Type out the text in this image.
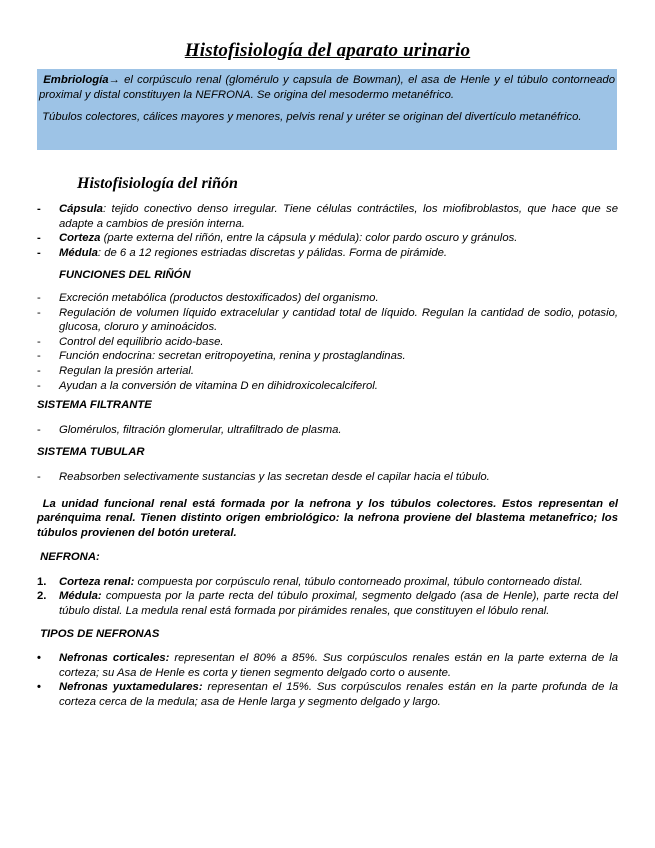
Histofisiología del aparato urinario

Embriología→ el corpúsculo renal (glomérulo y capsula de Bowman), el asa de Henle y el túbulo contorneado proximal y distal constituyen la NEFRONA. Se origina del mesodermo metanéfrico.

Túbulos colectores, cálices mayores y menores, pelvis renal y uréter se originan del divertículo metanéfrico.

Histofisiología del riñón
- Cápsula: tejido conectivo denso irregular. Tiene células contráctiles, los miofibroblastos, que hace que se adapte a cambios de presión interna.
- Corteza (parte externa del riñón, entre la cápsula y médula): color pardo oscuro y gránulos.
- Médula: de 6 a 12 regiones estriadas discretas y pálidas. Forma de pirámide.
FUNCIONES DEL RIÑÓN
- Excreción metabólica (productos destoxificados) del organismo.
- Regulación de volumen líquido extracelular y cantidad total de líquido. Regulan la cantidad de sodio, potasio, glucosa, cloruro y aminoácidos.
- Control del equilibrio acido-base.
- Función endocrina: secretan eritropoyetina, renina y prostaglandinas.
- Regulan la presión arterial.
- Ayudan a la conversión de vitamina D en dihidroxicolecalciferol.
SISTEMA FILTRANTE
- Glomérulos, filtración glomerular, ultrafiltrado de plasma.
SISTEMA TUBULAR
- Reabsorben selectivamente sustancias y las secretan desde el capilar hacia el túbulo.
La unidad funcional renal está formada por la nefrona y los túbulos colectores. Estos representan el parénquima renal. Tienen distinto origen embriológico: la nefrona proviene del blastema metanefrico; los túbulos provienen del botón ureteral.
NEFRONA:
1. Corteza renal: compuesta por corpúsculo renal, túbulo contorneado proximal, túbulo contorneado distal.
2. Médula: compuesta por la parte recta del túbulo proximal, segmento delgado (asa de Henle), parte recta del túbulo distal. La medula renal está formada por pirámides renales, que constituyen el lóbulo renal.
TIPOS DE NEFRONAS
• Nefronas corticales: representan el 80% a 85%. Sus corpúsculos renales están en la parte externa de la corteza; su Asa de Henle es corta y tienen segmento delgado corto o ausente.
• Nefronas yuxtamedulares: representan el 15%. Sus corpúsculos renales están en la parte profunda de la corteza cerca de la medula; asa de Henle larga y segmento delgado y largo.
